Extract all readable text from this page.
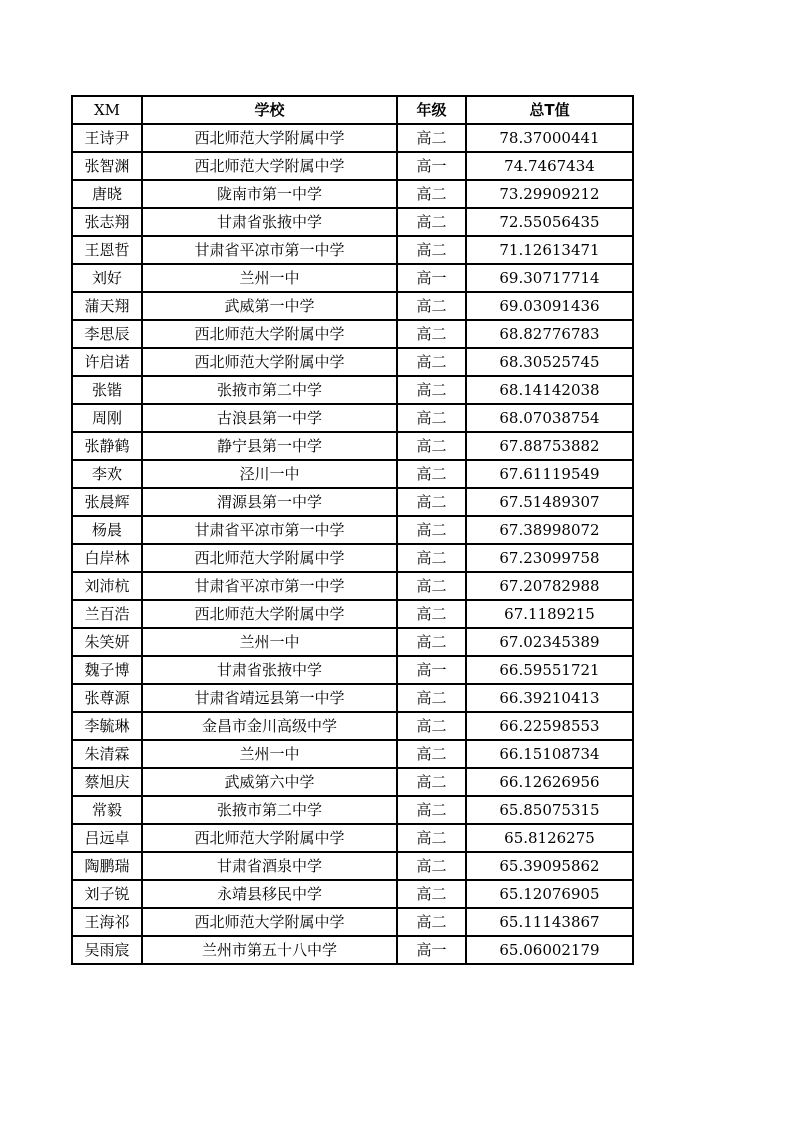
XM	学校	年级	总T值
王诗尹	西北师范大学附属中学	高二	78.37000441
张智渊	西北师范大学附属中学	高一	74.7467434
唐晓	陇南市第一中学	高二	73.29909212
张志翔	甘肃省张掖中学	高二	72.55056435
王恩哲	甘肃省平凉市第一中学	高二	71.12613471
刘好	兰州一中	高一	69.30717714
蒲天翔	武威第一中学	高二	69.03091436
李思辰	西北师范大学附属中学	高二	68.82776783
许启诺	西北师范大学附属中学	高二	68.30525745
张锴	张掖市第二中学	高二	68.14142038
周刚	古浪县第一中学	高二	68.07038754
张静鹤	静宁县第一中学	高二	67.88753882
李欢	泾川一中	高二	67.61119549
张晨辉	渭源县第一中学	高二	67.51489307
杨晨	甘肃省平凉市第一中学	高二	67.38998072
白岸林	西北师范大学附属中学	高二	67.23099758
刘沛杭	甘肃省平凉市第一中学	高二	67.20782988
兰百浩	西北师范大学附属中学	高二	67.1189215
朱笑妍	兰州一中	高二	67.02345389
魏子博	甘肃省张掖中学	高一	66.59551721
张尊源	甘肃省靖远县第一中学	高二	66.39210413
李毓琳	金昌市金川高级中学	高二	66.22598553
朱清霖	兰州一中	高二	66.15108734
蔡旭庆	武威第六中学	高二	66.12626956
常毅	张掖市第二中学	高二	65.85075315
吕远卓	西北师范大学附属中学	高二	65.8126275
陶鹏瑞	甘肃省酒泉中学	高二	65.39095862
刘子锐	永靖县移民中学	高二	65.12076905
王海祁	西北师范大学附属中学	高二	65.11143867
吴雨宸	兰州市第五十八中学	高一	65.06002179
